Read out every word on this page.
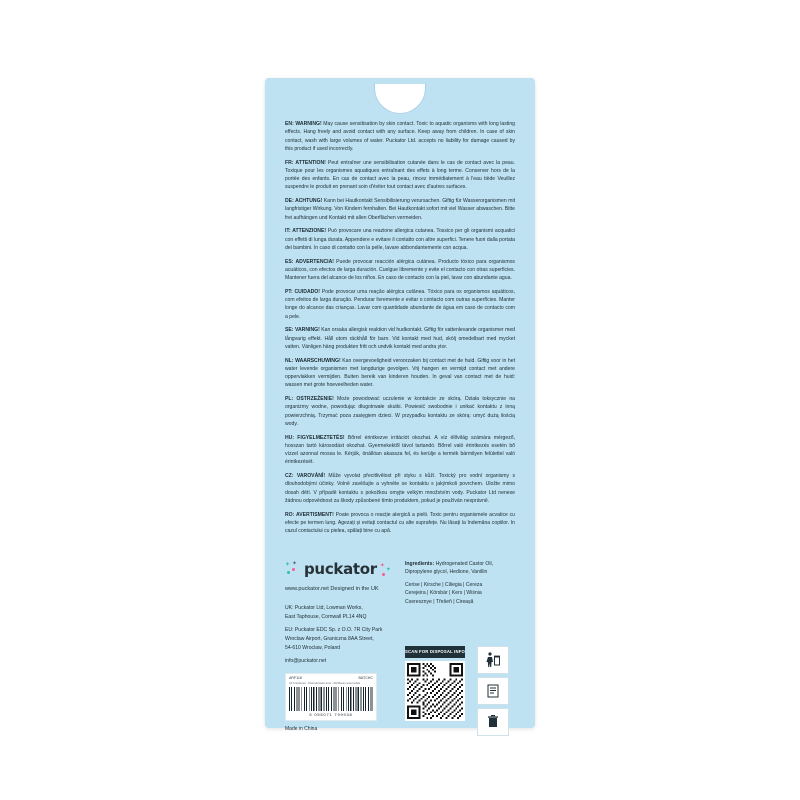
EN: WARNING! May cause sensitisation by skin contact. Toxic to aquatic organisms with long lasting effects. Hang freely and avoid contact with any surface. Keep away from children. In case of skin contact, wash with large volumes of water. Puckator Ltd. accepts no liability for damage caused by this product if used incorrectly.

FR: ATTENTION! Peut entraîner une sensibilisation cutanée dans le cas de contact avec la peau. Toxique pour les organismes aquatiques entraînant des effets à long terme. Conserver hors de la portée des enfants. En cas de contact avec la peau, rincez immédiatement à l'eau tiède Veuillez suspendre le produit en prenant soin d'éviter tout contact avec d'autres surfaces.

DE: ACHTUNG! Kann bei Hautkontakt Sensibilisierung verursachen. Giftig für Wasserorganismen mit langfristiger Wirkung. Von Kindern fernhalten. Bei Hautkontakt sofort mit viel Wasser abwaschen. Bitte frei aufhängen und Kontakt mit allen Oberflächen vermeiden.

IT: ATTENZIONE! Può provocare una reazione allergica cutanea. Tossico per gli organismi acquatici con effetti di lunga durata. Appendere e evitare il contatto con altre superfici. Tenere fuori dalla portata dei bambini. In caso di contatto con la pelle, lavare abbondantemente con acqua.

ES: ADVERTENCIA! Puede provocar reacción alérgica cutánea. Producto tóxico para organismos acuáticos, con efectos de larga duración. Cuelgue libremente y evite el contacto con otras superficies. Mantener fuera del alcance de los niños. En caso de contacto con la piel, lavar con abundante agua.

PT: CUIDADO! Pode provocar uma reação alérgica cutânea. Tóxico para os organismos aquáticos, com efeitos de larga duração. Pendurar livremente e evitar o contacto com outras superfícies. Manter longe do alcance das crianças. Lavar com quantidade abundante de água em caso de contacto com a pele.

SE: VARNING! Kan orsaka allergisk reaktion vid hudkontakt. Giftig för vattenlevande organismer med långvarig effekt. Håll utom räckhåll för barn. Vid kontakt med hud, skölj omedelbart med mycket vatten. Vänligen häng produkten fritt och undvik kontakt med andra ytor.

NL: WAARSCHUWING! Kan overgevoeligheid veroorzaken bij contact met de huid. Giftig voor in het water levende organismen met langdurige gevolgen. Vrij hangen en vermijd contact met andere oppervlakken vermijden. Buiten bereik van kinderen houden. In geval van contact met de huid: wassen met grote hoeveelheden water.

PL: OSTRZEŻENIE! Może powodować uczulenie w kontakcie ze skórą. Działa toksycznie na organizmy wodne, powodując długotrwałe skutki. Powiesić swobodnie i unikać kontaktu z inną powierzchnią. Trzymać poza zasięgiem dzieci. W przypadku kontaktu ze skórą: umyć dużą ilością wody.

HU: FIGYELMEZTETÉS! Bőrrel érintkezve irritációt okozhat. A víz élővilág számára mérgező, hosszan tartó károsodást okozhat. Gyermekektől távol tartandó. Bőrrel való érintkezés esetén bő vízzel azonnal mossa le. Kérjük, önállóan akassza fel, és kerülje a termék bármilyen felülettel való érintkezését.

CZ: VAROVÁNÍ! Může vyvolat přecitlivělost při styku s kůží. Toxický pro vodní organismy s dlouhodobými účinky. Volně zavěšujte a vyhněte se kontaktu s jakýmkoli povrchem. Uložte mimo dosah dětí. V případě kontaktu s pokožkou omyjte velkým množstvím vody. Puckator Ltd nenese žádnou odpovědnost za škody způsobené tímto produktem, pokud je používán nesprávně.

RO: AVERTISMENT! Poate provoca o reacție alergică a pielii. Toxic pentru organismele acvatice cu efecte pe termen lung. Agezați și evitați contactul cu alte suprafețe. Nu lăsați la îndemâna copiilor. In cazul contactului cu pielea, spălați bine cu apă.

✦ ✦ puckator ✦
✦
www.puckator.net Designed in the UK
UK: Puckator Ltd, Lowman Works,
East Taphouse, Cornwall PL14 4NQ
EU: Puckator EDC Sp. z O.O. 7R City Park
Wroclaw Airport, Graniczna 8AA Street,
54-610 Wroclaw, Poland
info@puckator.net
Ingredients: Hydrogenated Castor Oil, Dipropylene glycol, Hedione, Vanillin
Cerise | Kirsche | Ciliegia | Cereza
Cerejeira | Körsbär | Kers | Wiśnia
Cseresznye | Třešeň | Cireașă
ARF118	BATCHC
Air Freshener - Désodorisant auto - Duftbaum automobile
5 055071 799938
SCAN FOR DISPOSAL INFO
Made in China
